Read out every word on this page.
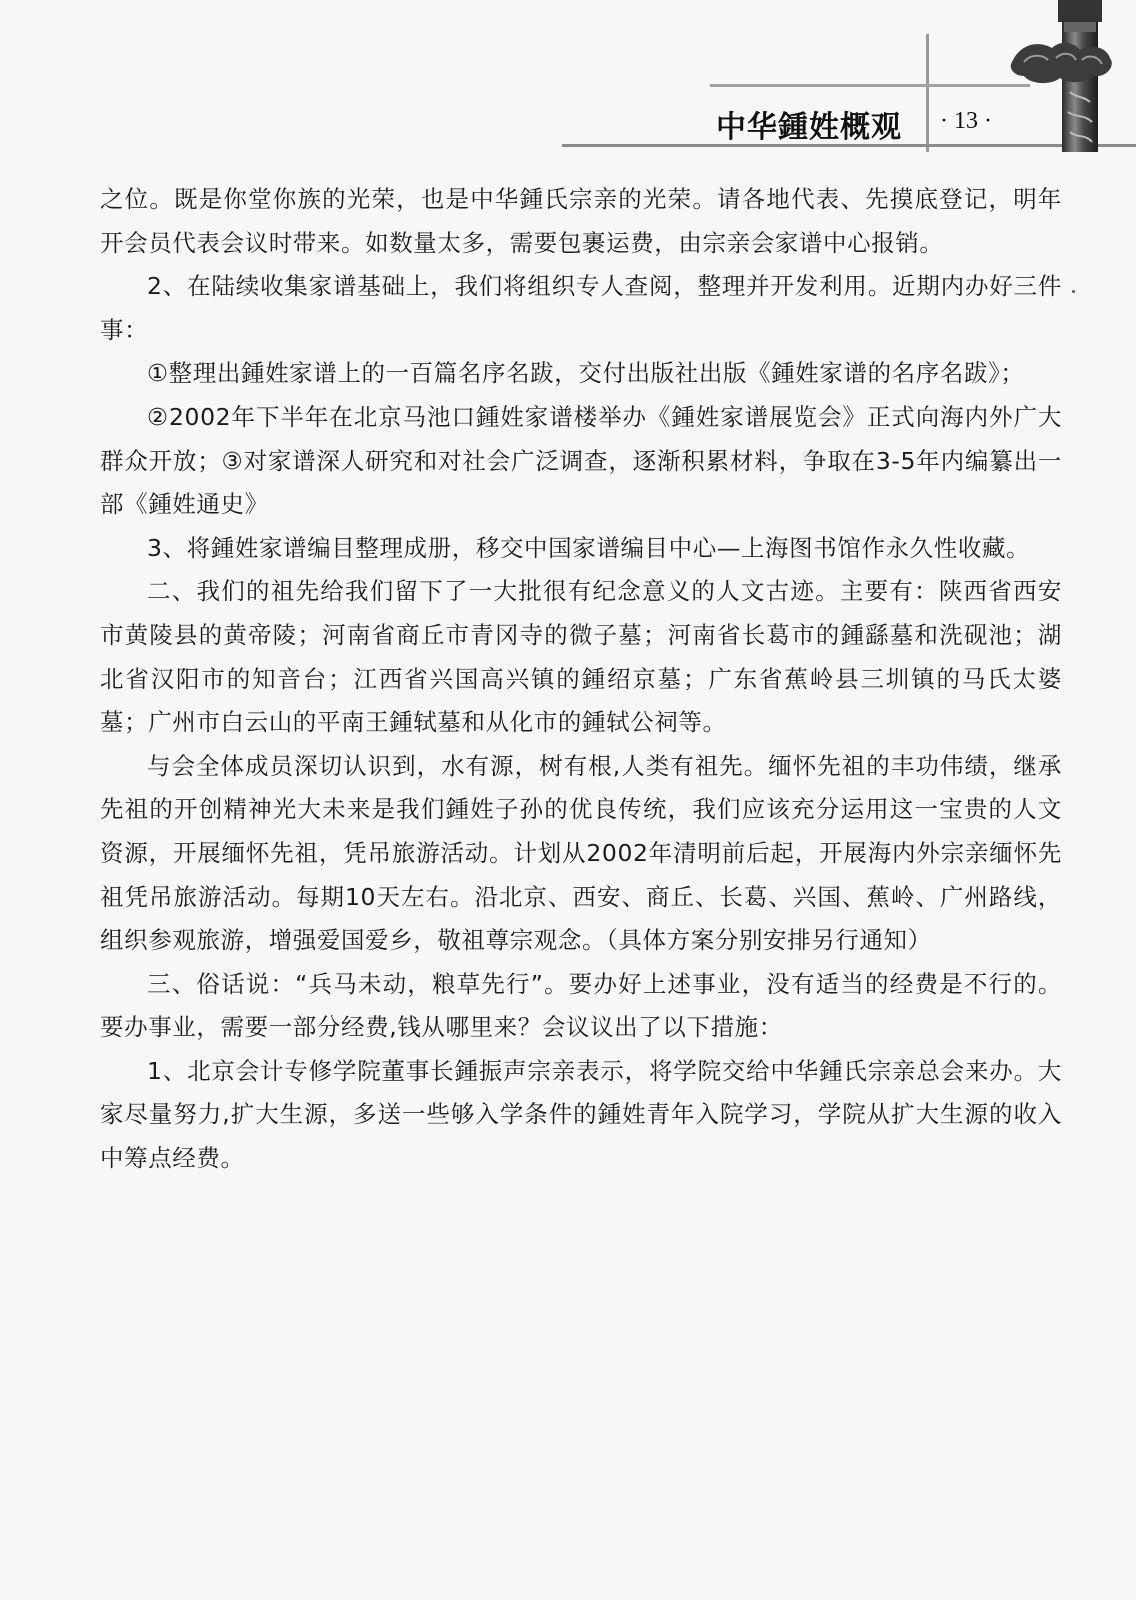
中华鍾姓概观 · 13 ·

之位。既是你堂你族的光荣，也是中华鍾氏宗亲的光荣。请各地代表、先摸底登记，明年开会员代表会议时带来。如数量太多，需要包裹运费，由宗亲会家谱中心报销。

2、在陆续收集家谱基础上，我们将组织专人查阅，整理并开发利用。近期内办好三件事：

①整理出鍾姓家谱上的一百篇名序名跋，交付出版社出版《鍾姓家谱的名序名跋》；

②2002年下半年在北京马池口鍾姓家谱楼举办《鍾姓家谱展览会》正式向海内外广大群众开放；③对家谱深人研究和对社会广泛调查，逐渐积累材料，争取在3-5年内编纂出一部《鍾姓通史》

3、将鍾姓家谱编目整理成册，移交中国家谱编目中心—上海图书馆作永久性收藏。

二、我们的祖先给我们留下了一大批很有纪念意义的人文古迹。主要有：陕西省西安市黄陵县的黄帝陵；河南省商丘市青冈寺的微子墓；河南省长葛市的鍾繇墓和洗砚池；湖北省汉阳市的知音台；江西省兴国高兴镇的鍾绍京墓；广东省蕉岭县三圳镇的马氏太婆墓；广州市白云山的平南王鍾轼墓和从化市的鍾轼公祠等。

与会全体成员深切认识到，水有源，树有根,人类有祖先。缅怀先祖的丰功伟绩，继承先祖的开创精神光大未来是我们鍾姓子孙的优良传统，我们应该充分运用这一宝贵的人文资源，开展缅怀先祖，凭吊旅游活动。计划从2002年清明前后起，开展海内外宗亲缅怀先祖凭吊旅游活动。每期10天左右。沿北京、西安、商丘、长葛、兴国、蕉岭、广州路线，组织参观旅游，增强爱国爱乡，敬祖尊宗观念。（具体方案分别安排另行通知）

三、俗话说：“兵马未动，粮草先行”。要办好上述事业，没有适当的经费是不行的。要办事业，需要一部分经费,钱从哪里来？会议议出了以下措施：

1、北京会计专修学院董事长鍾振声宗亲表示，将学院交给中华鍾氏宗亲总会来办。大家尽量努力,扩大生源，多送一些够入学条件的鍾姓青年入院学习，学院从扩大生源的收入中筹点经费。
